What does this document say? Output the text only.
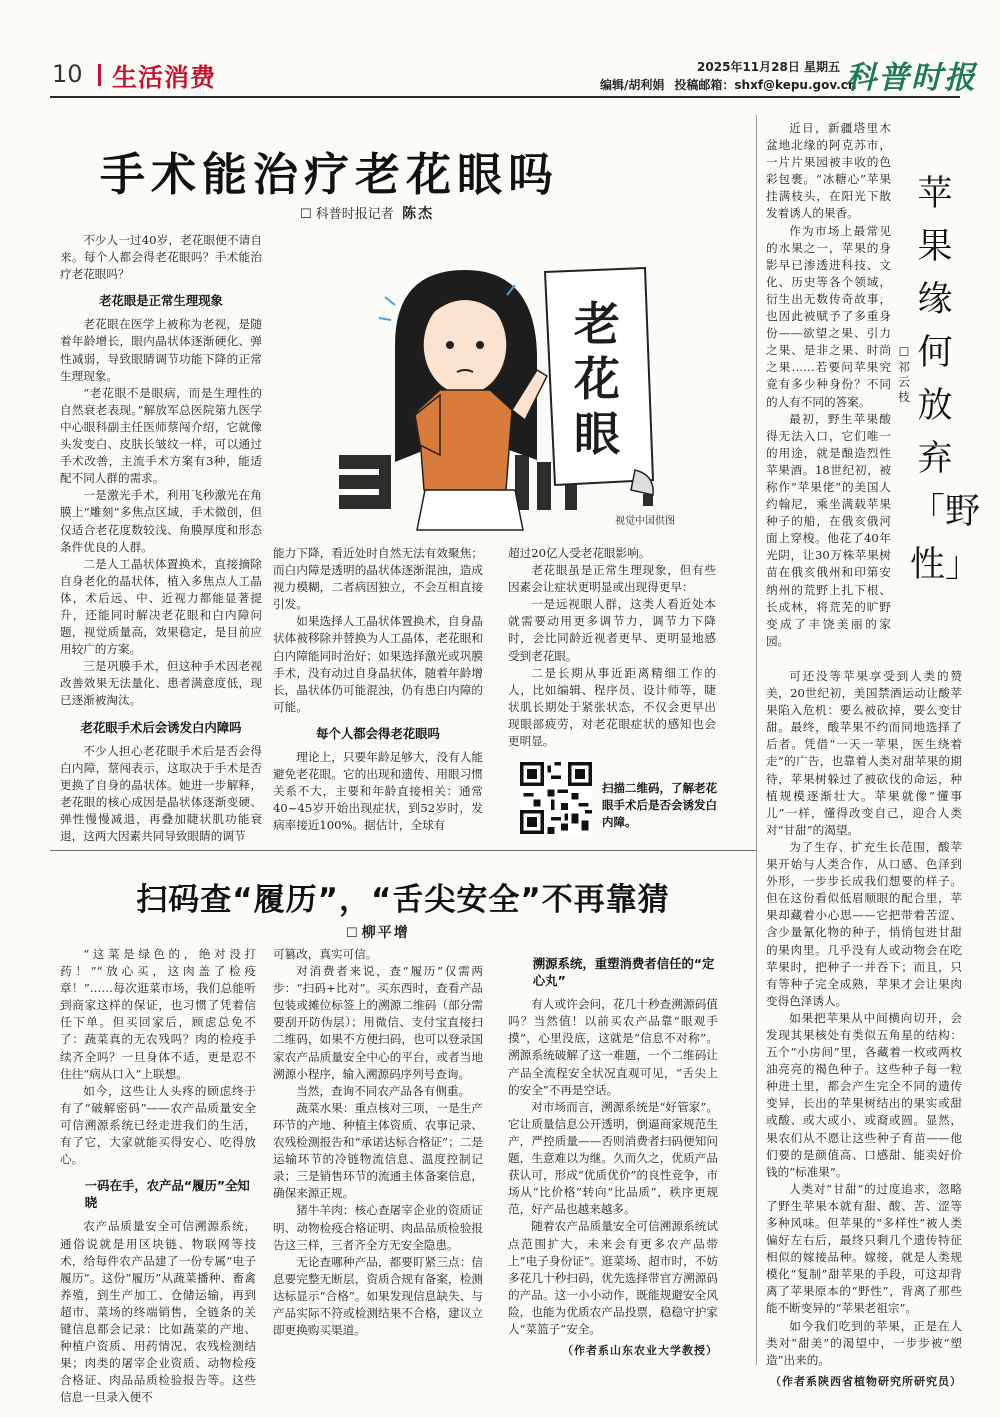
10 生活消费	2025年11月28日 星期五
编辑/胡利娟 投稿邮箱：shxf@kepu.gov.cn
科普时报
手术能治疗老花眼吗
☐ 科普时报记者 陈杰

不少人一过40岁，老花眼便不请自来。每个人都会得老花眼吗？手术能治疗老花眼吗？

老花眼是正常生理现象

老花眼在医学上被称为老视，是随着年龄增长，眼内晶状体逐渐硬化、弹性减弱，导致眼睛调节功能下降的正常生理现象。

“老花眼不是眼病，而是生理性的自然衰老表现。”解放军总医院第九医学中心眼科副主任医师蔡闯介绍，它就像头发变白、皮肤长皱纹一样，可以通过手术改善，主流手术方案有3种，能适配不同人群的需求。

一是激光手术，利用飞秒激光在角膜上“雕刻”多焦点区域，手术微创，但仅适合老花度数较浅、角膜厚度和形态条件优良的人群。

二是人工晶状体置换术，直接摘除自身老化的晶状体，植入多焦点人工晶体，术后远、中、近视力都能显著提升，还能同时解决老花眼和白内障问题，视觉质量高，效果稳定，是目前应用较广的方案。

三是巩膜手术，但这种手术因老视改善效果无法量化、患者满意度低，现已逐渐被淘汰。

老花眼手术后会诱发白内障吗

不少人担心老花眼手术后是否会得白内障，蔡闯表示，这取决于手术是否更换了自身的晶状体。她进一步解释，老花眼的核心成因是晶状体逐渐变硬、弹性慢慢减退，再叠加睫状肌功能衰退，这两大因素共同导致眼睛的调节

老
花
眼
视觉中国供图

能力下降，看近处时自然无法有效聚焦；而白内障是透明的晶状体逐渐混浊，造成视力模糊，二者病因独立，不会互相直接引发。

如果选择人工晶状体置换术，自身晶状体被移除并替换为人工晶体，老花眼和白内障能同时治好；如果选择激光或巩膜手术，没有动过自身晶状体，随着年龄增长，晶状体仍可能混浊，仍有患白内障的可能。

每个人都会得老花眼吗

理论上，只要年龄足够大，没有人能避免老花眼。它的出现和遗传、用眼习惯关系不大，主要和年龄直接相关：通常40~45岁开始出现症状，到52岁时，发病率接近100%。据估计，全球有

超过20亿人受老花眼影响。

老花眼虽是正常生理现象，但有些因素会让症状更明显或出现得更早：

一是远视眼人群，这类人看近处本就需要动用更多调节力，调节力下降时，会比同龄近视者更早、更明显地感受到老花眼。

二是长期从事近距离精细工作的人，比如编辑、程序员、设计师等，睫状肌长期处于紧张状态，不仅会更早出现眼部疲劳，对老花眼症状的感知也会更明显。

扫描二维码，了解老花眼手术后是否会诱发白内障。
扫码查“履历”，“舌尖安全”不再靠猜
☐ 柳平增

“这菜是绿色的，绝对没打药！”“放心买，这肉盖了检疫章！”……每次逛菜市场，我们总能听到商家这样的保证，也习惯了凭着信任下单。但买回家后，顾虑总免不了：蔬菜真的无农残吗？肉的检疫手续齐全吗？一旦身体不适，更是忍不住往“病从口入”上联想。

如今，这些让人头疼的顾虑终于有了“破解密码”——农产品质量安全可信溯源系统已经走进我们的生活，有了它，大家就能买得安心、吃得放心。

一码在手，农产品“履历”全知晓

农产品质量安全可信溯源系统，通俗说就是用区块链、物联网等技术，给每件农产品建了一份专属“电子履历”。这份“履历”从蔬菜播种、畜禽养殖，到生产加工、仓储运输，再到超市、菜场的终端销售，全链条的关键信息都会记录：比如蔬菜的产地、种植户资质、用药情况、农残检测结果；肉类的屠宰企业资质、动物检疫合格证、肉品品质检验报告等。这些信息一旦录入便不

可篡改，真实可信。

对消费者来说，查“履历”仅需两步：“扫码+比对”。买东西时，查看产品包装或摊位标签上的溯源二维码（部分需要刮开防伪层）；用微信、支付宝直接扫二维码，如果不方便扫码，也可以登录国家农产品质量安全中心的平台，或者当地溯源小程序，输入溯源码序列号查询。

当然，查询不同农产品各有侧重。

蔬菜水果：重点核对三项，一是生产环节的产地、种植主体资质、农事记录、农残检测报告和“承诺达标合格证”；二是运输环节的冷链物流信息、温度控制记录；三是销售环节的流通主体备案信息，确保来源正规。

猪牛羊肉：核心查屠宰企业的资质证明、动物检疫合格证明、肉品品质检验报告这三样，三者齐全方无安全隐患。

无论查哪种产品，都要盯紧三点：信息要完整无断层，资质合规有备案，检测达标显示“合格”。如果发现信息缺失、与产品实际不符或检测结果不合格，建议立即更换购买渠道。

溯源系统，重塑消费者信任的“定心丸”

有人或许会问，花几十秒查溯源码值吗？当然值！以前买农产品靠“眼观手摸”，心里没底，这就是“信息不对称”。溯源系统破解了这一难题，一个二维码让产品全流程安全状况直观可见，“舌尖上的安全”不再是空话。

对市场而言，溯源系统是“好管家”。它让质量信息公开透明，倒逼商家规范生产，严控质量——否则消费者扫码便知问题，生意难以为继。久而久之，优质产品获认可，形成“优质优价”的良性竞争，市场从“比价格”转向“比品质”，秩序更规范，好产品也越来越多。

随着农产品质量安全可信溯源系统试点范围扩大，未来会有更多农产品带上“电子身份证”。逛菜场、超市时，不妨多花几十秒扫码，优先选择带官方溯源码的产品。这一小小动作，既能规避安全风险，也能为优质农产品投票，稳稳守护家人“菜篮子”安全。

（作者系山东农业大学教授）

苹果缘何放弃「野性」
☐
祁云枝

近日，新疆塔里木盆地北缘的阿克苏市，一片片果园被丰收的色彩包裹。“冰糖心”苹果挂满枝头，在阳光下散发着诱人的果香。

作为市场上最常见的水果之一，苹果的身影早已渗透进科技、文化、历史等各个领域，衍生出无数传奇故事，也因此被赋予了多重身份——欲望之果、引力之果、是非之果、时尚之果……若要问苹果究竟有多少种身份？不同的人有不同的答案。

最初，野生苹果酸得无法入口，它们唯一的用途，就是酿造烈性苹果酒。18世纪初，被称作“苹果佬”的美国人约翰尼，乘坐满载苹果种子的船，在俄亥俄河面上穿梭。他花了40年光阴，让30万株苹果树苗在俄亥俄州和印第安纳州的荒野上扎下根、长成林，将荒芜的旷野变成了丰饶美丽的家园。

可还没等苹果享受到人类的赞美，20世纪初，美国禁酒运动让酸苹果陷入危机：要么被砍掉，要么变甘甜。最终，酸苹果不约而同地选择了后者。凭借“一天一苹果，医生绕着走”的广告，也靠着人类对甜苹果的期待，苹果树躲过了被砍伐的命运，种植规模逐渐壮大。苹果就像“懂事儿”一样，懂得改变自己，迎合人类对“甘甜”的渴望。

为了生存、扩充生长范围，酸苹果开始与人类合作，从口感、色泽到外形，一步步长成我们想要的样子。但在这份看似低眉顺眼的配合里，苹果却藏着小心思——它把带着苦涩、含少量氰化物的种子，悄悄包进甘甜的果肉里。几乎没有人或动物会在吃苹果时，把种子一并吞下；而且，只有等种子完全成熟，苹果才会让果肉变得色泽诱人。

如果把苹果从中间横向切开，会发现其果核处有类似五角星的结构：五个“小房间”里，各藏着一枚或两枚油亮亮的褐色种子。这些种子每一粒种进土里，都会产生完全不同的遗传变异，长出的苹果树结出的果实或甜或酸、或大或小、或裔或圆。显然，果农们从不愿让这些种子育苗——他们要的是颜值高、口感甜、能卖好价钱的“标准果”。

人类对“甘甜”的过度追求，忽略了野生苹果本就有甜、酸、苦、涩等多种风味。但苹果的“多样性”被人类偏好左右后，最终只剩几个遗传特征相似的嫁接品种。嫁接，就是人类规模化“复制”甜苹果的手段，可这却背离了苹果原本的“野性”，背离了那些能不断变异的“苹果老祖宗”。

如今我们吃到的苹果，正是在人类对“甜美”的渴望中，一步步被“塑造”出来的。

（作者系陕西省植物研究所研究员）
